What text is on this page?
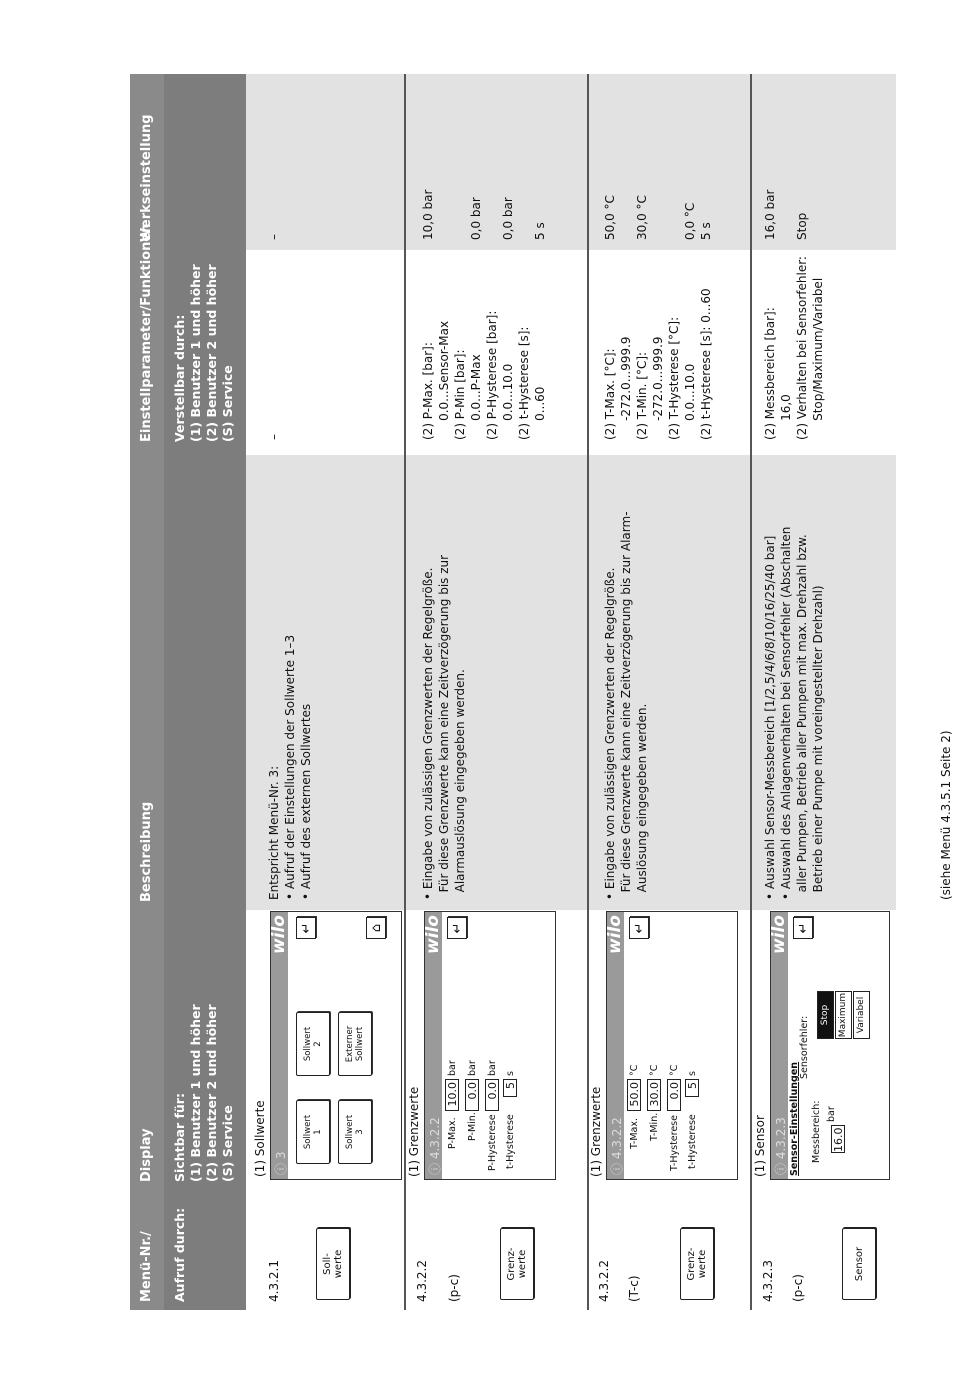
Menü-Nr./
Display
Beschreibung
Einstellparameter/Funktionen
Werkseinstellung
Aufruf durch:
Sichtbar für:
(1) Benutzer 1 und höher
(2) Benutzer 2 und höher
(S) Service
Verstellbar durch:
(1) Benutzer 1 und höher
(2) Benutzer 2 und höher
(S) Service
4.3.2.1	Soll-
werte
(1) Sollwerte ⓘ 3
wilo
Sollwert
1
Sollwert
2
Sollwert
3
Externer
Sollwert
↵	⌂
Entspricht Menü-Nr. 3:
• Aufruf der Einstellungen der Sollwerte 1–3
• Aufruf des externen Sollwertes
–
–
4.3.2.2 (p-c)
Grenz-
werte
(1) Grenzwerte ⓘ 4.3.2.2
wilo
P-Max.
10.0
bar
P-Min.
0.0
bar
P-Hysterese
0.0
bar
t-Hysterese
5
s
↵
• Eingabe von zulässigen Grenzwerten der Regelgröße.
Für diese Grenzwerte kann eine Zeitverzögerung bis zur
Alarmauslösung eingegeben werden.
(2) P-Max. [bar]:
0.0...Sensor-Max
(2) P-Min [bar]:
0.0...P-Max
(2) P-Hysterese [bar]:
0.0...10.0
(2) t-Hysterese [s]:
0...60
10,0 bar

0,0 bar

0,0 bar

5 s
4.3.2.2 (T-c)
Grenz-
werte
(1) Grenzwerte ⓘ 4.3.2.2
wilo
T-Max.
50.0
°C
T-Min.
30.0
°C
T-Hysterese
0.0
°C
t-Hysterese
5
s
↵
• Eingabe von zulässigen Grenzwerten der Regelgröße.
Für diese Grenzwerte kann eine Zeitverzögerung bis zur Alarm-
Auslösung eingegeben werden.
(2) T-Max. [°C]:
-272.0...999.9
(2) T-Min. [°C]:
-272.0...999.9
(2) T-Hysterese [°C]:
0.0...10.0
(2) t-Hysterese [s]: 0...60
50,0 °C

30,0 °C

0,0 °C
5 s
4.3.2.3 (p-c)
Sensor
(1) Sensor ⓘ 4.3.2.3
wilo
Sensor-Einstellungen Messbereich: 16.0
bar
Sensorfehler:
Stop Maximum Variabel
↵
• Auswahl Sensor-Messbereich [1/2,5/4/6/8/10/16/25/40 bar]
• Auswahl des Anlagenverhalten bei Sensorfehler (Abschalten
aller Pumpen, Betrieb aller Pumpen mit max. Drehzahl bzw.
Betrieb einer Pumpe mit voreingestellter Drehzahl)

(siehe Menü 4.3.5.1 Seite 2)
(2) Messbereich [bar]:
16,0
(2) Verhalten bei Sensorfehler:
Stop/Maximum/Variabel
16,0 bar

Stop
